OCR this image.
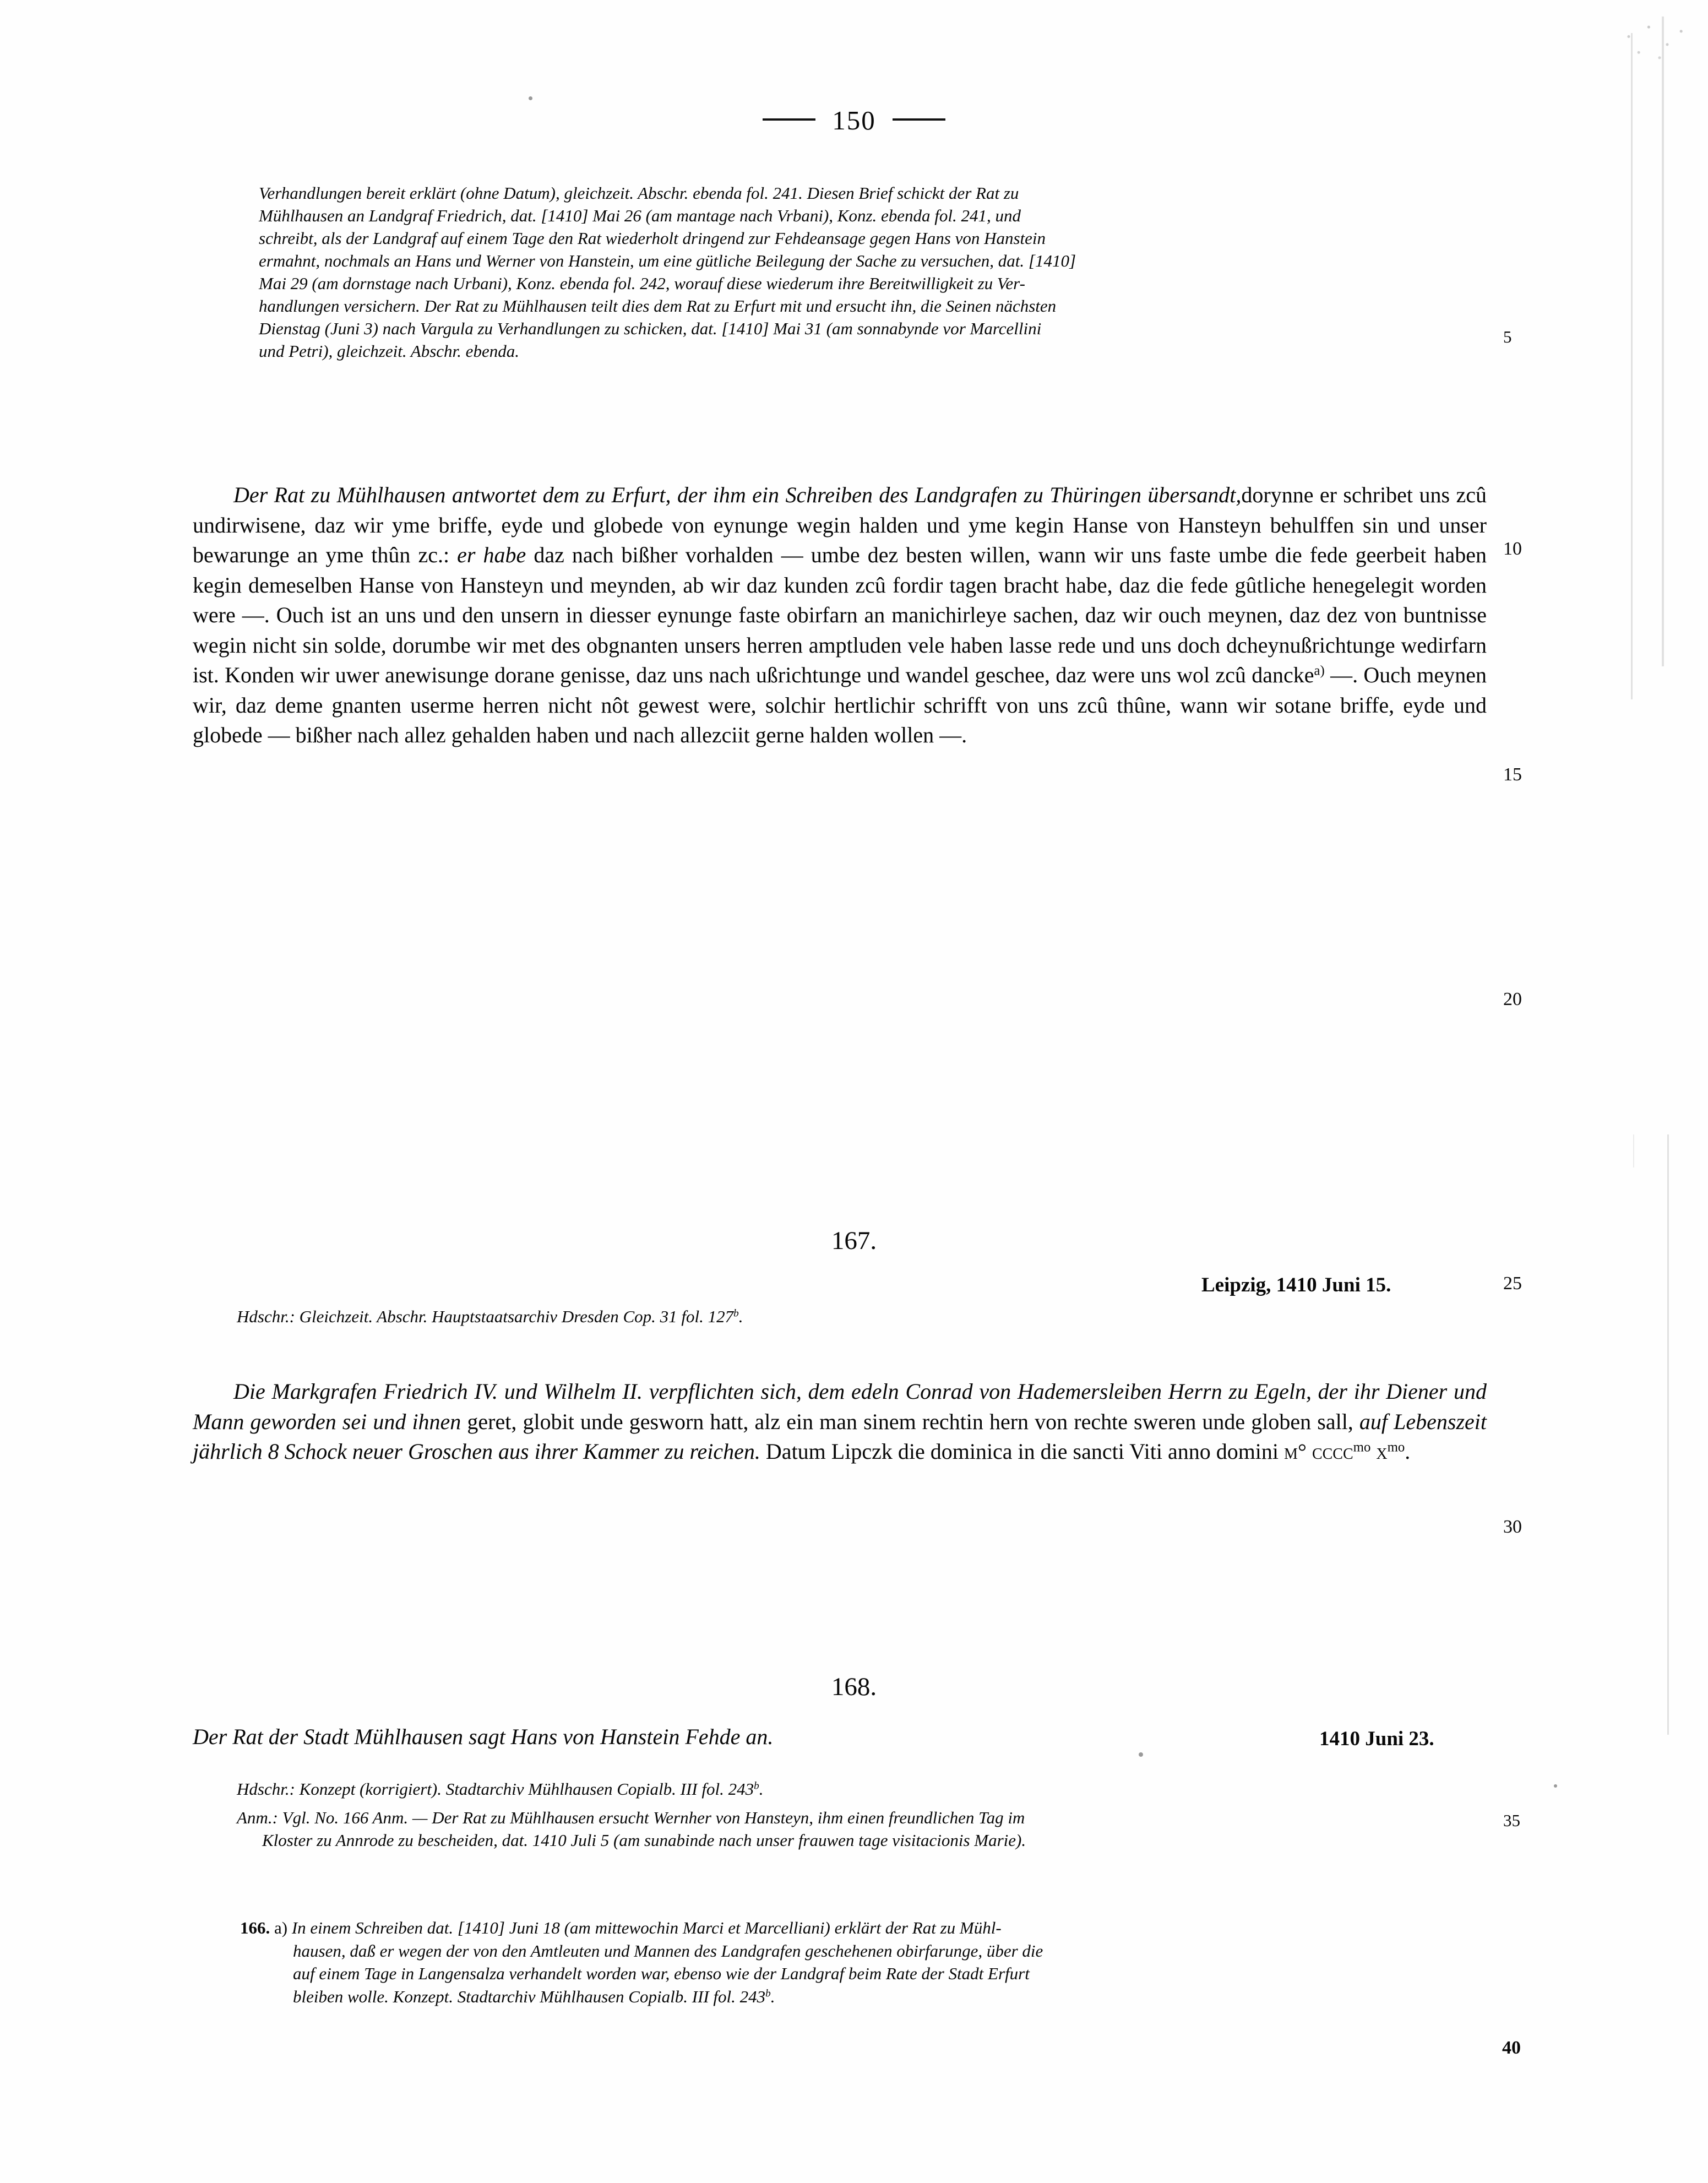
150
Verhandlungen bereit erklärt (ohne Datum), gleichzeit. Abschr. ebenda fol. 241. Diesen Brief schickt der Rat zu
Mühlhausen an Landgraf Friedrich, dat. [1410] Mai 26 (am mantage nach Vrbani), Konz. ebenda fol. 241, und
schreibt, als der Landgraf auf einem Tage den Rat wiederholt dringend zur Fehdeansage gegen Hans von Hanstein
ermahnt, nochmals an Hans und Werner von Hanstein, um eine gütliche Beilegung der Sache zu versuchen, dat. [1410]
Mai 29 (am dornstage nach Urbani), Konz. ebenda fol. 242, worauf diese wiederum ihre Bereitwilligkeit zu Ver-
handlungen versichern. Der Rat zu Mühlhausen teilt dies dem Rat zu Erfurt mit und ersucht ihn, die Seinen nächsten
Dienstag (Juni 3) nach Vargula zu Verhandlungen zu schicken, dat. [1410] Mai 31 (am sonnabynde vor Marcellini
und Petri), gleichzeit. Abschr. ebenda.
Der Rat zu Mühlhausen antwortet dem zu Erfurt, der ihm ein Schreiben des Landgrafen zu Thüringen übersandt,dorynne er schribet uns zcû undirwisene, daz wir yme briffe, eyde und globede von eynunge wegin halden und yme kegin Hanse von Hansteyn behulffen sin und unser bewarunge an yme thûn zc.: er habe daz nach bißher vorhalden — umbe dez besten willen, wann wir uns faste umbe die fede geerbeit haben kegin demeselben Hanse von Hansteyn und meynden, ab wir daz kunden zcû fordir tagen bracht habe, daz die fede gûtliche henegelegit worden were —. Ouch ist an uns und den unsern in diesser eynunge faste obirfarn an manichirleye sachen, daz wir ouch meynen, daz dez von buntnisse wegin nicht sin solde, dorumbe wir met des obgnanten unsers herren amptluden vele haben lasse rede und uns doch dcheynußrichtunge wedirfarn ist. Konden wir uwer anewisunge dorane genisse, daz uns nach ußrichtunge und wandel geschee, daz were uns wol zcû dancke$^{a)}$ —. Ouch meynen wir, daz deme gnanten userme herren nicht nôt gewest were, solchir hertlichir schrifft von uns zcû thûne, wann wir sotane briffe, eyde und globede — bißher nach allez gehalden haben und nach allezciit gerne halden wollen —.
167.
Leipzig, 1410 Juni 15.
Hdschr.: Gleichzeit. Abschr. Hauptstaatsarchiv Dresden Cop. 31 fol. 127$^b$.
Die Markgrafen Friedrich IV. und Wilhelm II. verpflichten sich, dem edeln Conrad von Hademersleiben Herrn zu Egeln, der ihr Diener und Mann geworden sei und ihnen geret, globit unde gesworn hatt, alz ein man sinem rechtin hern von rechte sweren unde globen sall, auf Lebenszeit jährlich 8 Schock neuer Groschen aus ihrer Kammer zu reichen. Datum Lipczk die dominica in die sancti Viti anno domini м° cccc$^{mo}$ $x^{mo}$.
168.
Der Rat der Stadt Mühlhausen sagt Hans von Hanstein Fehde an.	1410 Juni 23.
Hdschr.: Konzept (korrigiert). Stadtarchiv Mühlhausen Copialb. III fol. 243$^b$.
Anm.: Vgl. No. 166 Anm. — Der Rat zu Mühlhausen ersucht Wernher von Hansteyn, ihm einen freundlichen Tag im
Kloster zu Annrode zu bescheiden, dat. 1410 Juli 5 (am sunabinde nach unser frauwen tage visitacionis Marie).
166. a) In einem Schreiben dat. [1410] Juni 18 (am mittewochin Marci et Marcelliani) erklärt der Rat zu Mühl-
hausen, daß er wegen der von den Amtleuten und Mannen des Landgrafen geschehenen obirfarunge, über die
auf einem Tage in Langensalza verhandelt worden war, ebenso wie der Landgraf beim Rate der Stadt Erfurt
bleiben wolle. Konzept. Stadtarchiv Mühlhausen Copialb. III fol. 243$^b$.
5
10
15
20
25
30
35
40
